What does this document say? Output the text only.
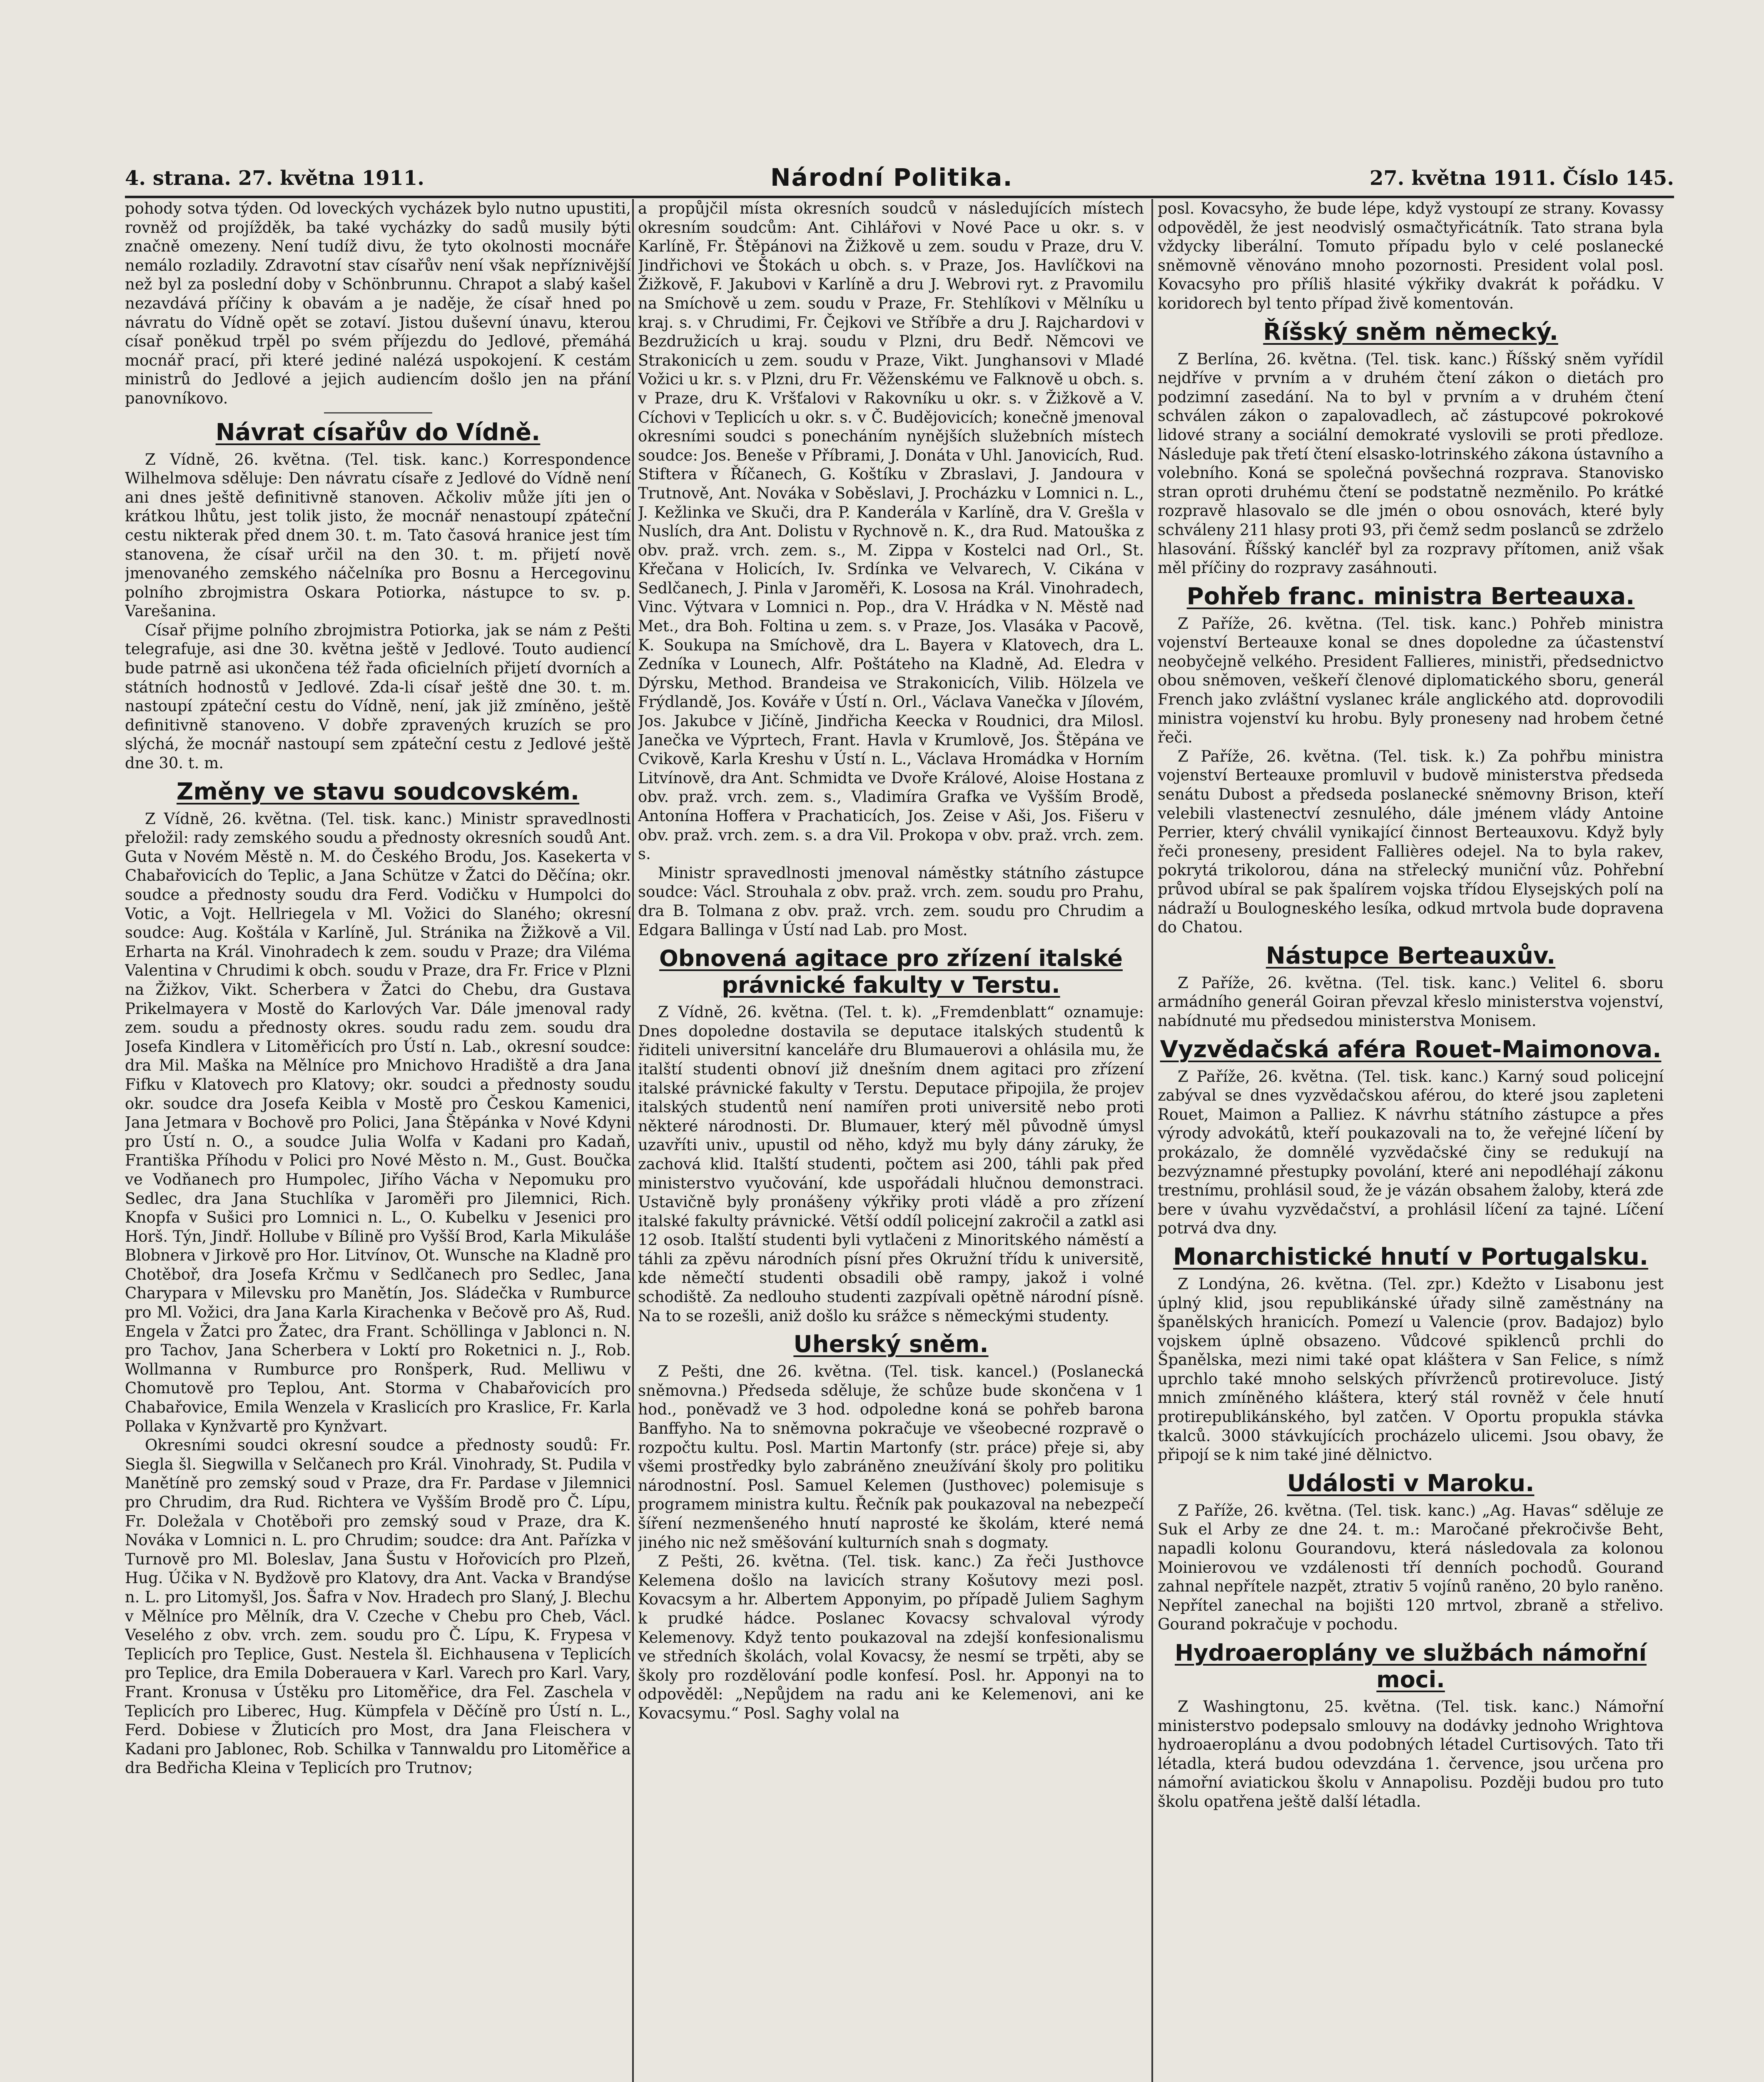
4. strana. 27. května 1911.	Národní Politika.	27. května 1911. Číslo 145.

pohody sotva týden. Od loveckých vycházek bylo nutno upustiti, rovněž od projížděk, ba také vycházky do sadů musily býti značně omezeny. Není tudíž divu, že tyto okolnosti mocnáře nemálo rozladily. Zdravotní stav císařův není však nepříznivější než byl za poslední doby v Schönbrunnu. Chrapot a slabý kašel nezavdává příčiny k obavám a je naděje, že císař hned po návratu do Vídně opět se zotaví. Jistou duševní únavu, kterou císař poněkud trpěl po svém příjezdu do Jedlové, přemáhá mocnář prací, při které jediné nalézá uspokojení. K cestám ministrů do Jedlové a jejich audiencím došlo jen na přání panovníkovo.

Návrat císařův do Vídně.

Z Vídně, 26. května. (Tel. tisk. kanc.) Korrespondence Wilhelmova sděluje: Den návratu císaře z Jedlové do Vídně není ani dnes ještě definitivně stanoven. Ačkoliv může jíti jen o krátkou lhůtu, jest tolik jisto, že mocnář nenastoupí zpáteční cestu nikterak před dnem 30. t. m. Tato časová hranice jest tím stanovena, že císař určil na den 30. t. m. přijetí nově jmenovaného zemského náčelníka pro Bosnu a Hercegovinu polního zbrojmistra Oskara Potiorka, nástupce to sv. p. Varešanina.

Císař přijme polního zbrojmistra Potiorka, jak se nám z Pešti telegrafuje, asi dne 30. května ještě v Jedlové. Touto audiencí bude patrně asi ukončena též řada oficielních přijetí dvorních a státních hodnostů v Jedlové. Zda-li císař ještě dne 30. t. m. nastoupí zpáteční cestu do Vídně, není, jak již zmíněno, ještě definitivně stanoveno. V dobře zpravených kruzích se pro slýchá, že mocnář nastoupí sem zpáteční cestu z Jedlové ještě dne 30. t. m.

Změny ve stavu soudcovském.

Z Vídně, 26. května. (Tel. tisk. kanc.) Ministr spravedlnosti přeložil: rady zemského soudu a přednosty okresních soudů Ant. Guta v Novém Městě n. M. do Českého Brodu, Jos. Kasekerta v Chabařovicích do Teplic, a Jana Schütze v Žatci do Děčína; okr. soudce a přednosty soudu dra Ferd. Vodičku v Humpolci do Votic, a Vojt. Hellriegela v Ml. Vožici do Slaného; okresní soudce: Aug. Koštála v Karlíně, Jul. Stránika na Žižkově a Vil. Erharta na Král. Vinohradech k zem. soudu v Praze; dra Viléma Valentina v Chrudimi k obch. soudu v Praze, dra Fr. Frice v Plzni na Žižkov, Vikt. Scherbera v Žatci do Chebu, dra Gustava Prikelmayera v Mostě do Karlových Var. Dále jmenoval rady zem. soudu a přednosty okres. soudu radu zem. soudu dra Josefa Kindlera v Litoměřicích pro Ústí n. Lab., okresní soudce: dra Mil. Maška na Mělníce pro Mnichovo Hradiště a dra Jana Fifku v Klatovech pro Klatovy; okr. soudci a přednosty soudu okr. soudce dra Josefa Keibla v Mostě pro Českou Kamenici, Jana Jetmara v Bochově pro Polici, Jana Štěpánka v Nové Kdyni pro Ústí n. O., a soudce Julia Wolfa v Kadani pro Kadaň, Františka Příhodu v Polici pro Nové Město n. M., Gust. Boučka ve Vodňanech pro Humpolec, Jiřího Vácha v Nepomuku pro Sedlec, dra Jana Stuchlíka v Jaroměři pro Jilemnici, Rich. Knopfa v Sušici pro Lomnici n. L., O. Kubelku v Jesenici pro Horš. Týn, Jindř. Hollube v Bílině pro Vyšší Brod, Karla Mikuláše Blobnera v Jirkově pro Hor. Litvínov, Ot. Wunsche na Kladně pro Chotěboř, dra Josefa Krčmu v Sedlčanech pro Sedlec, Jana Charypara v Milevsku pro Manětín, Jos. Sládečka v Rumburce pro Ml. Vožici, dra Jana Karla Kirachenka v Bečově pro Aš, Rud. Engela v Žatci pro Žatec, dra Frant. Schöllinga v Jablonci n. N. pro Tachov, Jana Scherbera v Loktí pro Roketnici n. J., Rob. Wollmanna v Rumburce pro Ronšperk, Rud. Melliwu v Chomutově pro Teplou, Ant. Storma v Chabařovicích pro Chabařovice, Emila Wenzela v Kraslicích pro Kraslice, Fr. Karla Pollaka v Kynžvartě pro Kynžvart.

Okresními soudci okresní soudce a přednosty soudů: Fr. Siegla šl. Siegwilla v Selčanech pro Král. Vinohrady, St. Pudila v Manětíně pro zemský soud v Praze, dra Fr. Pardase v Jilemnici pro Chrudim, dra Rud. Richtera ve Vyšším Brodě pro Č. Lípu, Fr. Doležala v Chotěboři pro zemský soud v Praze, dra K. Nováka v Lomnici n. L. pro Chrudim; soudce: dra Ant. Pařízka v Turnově pro Ml. Boleslav, Jana Šustu v Hořovicích pro Plzeň, Hug. Účika v N. Bydžově pro Klatovy, dra Ant. Vacka v Brandýse n. L. pro Litomyšl, Jos. Šafra v Nov. Hradech pro Slaný, J. Blechu v Mělníce pro Mělník, dra V. Czeche v Chebu pro Cheb, Václ. Veselého z obv. vrch. zem. soudu pro Č. Lípu, K. Frypesa v Teplicích pro Teplice, Gust. Nestela šl. Eichhausena v Teplicích pro Teplice, dra Emila Doberauera v Karl. Varech pro Karl. Vary, Frant. Kronusa v Ústěku pro Litoměřice, dra Fel. Zaschela v Teplicích pro Liberec, Hug. Kümpfela v Děčíně pro Ústí n. L., Ferd. Dobiese v Žluticích pro Most, dra Jana Fleischera v Kadani pro Jablonec, Rob. Schilka v Tannwaldu pro Litoměřice a dra Bedřicha Kleina v Teplicích pro Trutnov;

a propůjčil místa okresních soudců v následujících místech okresním soudcům: Ant. Cihlářovi v Nové Pace u okr. s. v Karlíně, Fr. Štěpánovi na Žižkově u zem. soudu v Praze, dru V. Jindřichovi ve Štokách u obch. s. v Praze, Jos. Havlíčkovi na Žižkově, F. Jakubovi v Karlíně a dru J. Webrovi ryt. z Pravomilu na Smíchově u zem. soudu v Praze, Fr. Stehlíkovi v Mělníku u kraj. s. v Chrudimi, Fr. Čejkovi ve Stříbře a dru J. Rajchardovi v Bezdružicích u kraj. soudu v Plzni, dru Bedř. Němcovi ve Strakonicích u zem. soudu v Praze, Vikt. Junghansovi v Mladé Vožici u kr. s. v Plzni, dru Fr. Věženskému ve Falknově u obch. s. v Praze, dru K. Vršťalovi v Rakovníku u okr. s. v Žižkově a V. Cíchovi v Teplicích u okr. s. v Č. Budějovicích; konečně jmenoval okresními soudci s ponecháním nynějších služebních místech soudce: Jos. Beneše v Příbrami, J. Donáta v Uhl. Janovicích, Rud. Stiftera v Říčanech, G. Koštíku v Zbraslavi, J. Jandoura v Trutnově, Ant. Nováka v Soběslavi, J. Procházku v Lomnici n. L., J. Kežlinka ve Skuči, dra P. Kanderála v Karlíně, dra V. Grešla v Nuslích, dra Ant. Dolistu v Rychnově n. K., dra Rud. Matouška z obv. praž. vrch. zem. s., M. Zippa v Kostelci nad Orl., St. Křečana v Holicích, Iv. Srdínka ve Velvarech, V. Cikána v Sedlčanech, J. Pinla v Jaroměři, K. Lososa na Král. Vinohradech, Vinc. Výtvara v Lomnici n. Pop., dra V. Hrádka v N. Městě nad Met., dra Boh. Foltina u zem. s. v Praze, Jos. Vlasáka v Pacově, K. Soukupa na Smíchově, dra L. Bayera v Klatovech, dra L. Zedníka v Lounech, Alfr. Poštáteho na Kladně, Ad. Eledra v Dýrsku, Method. Brandeisa ve Strakonicích, Vilib. Hölzela ve Frýdlandě, Jos. Kováře v Ústí n. Orl., Václava Vanečka v Jílovém, Jos. Jakubce v Jičíně, Jindřicha Keecka v Roudnici, dra Milosl. Janečka ve Výprtech, Frant. Havla v Krumlově, Jos. Štěpána ve Cvikově, Karla Kreshu v Ústí n. L., Václava Hromádka v Horním Litvínově, dra Ant. Schmidta ve Dvoře Králové, Aloise Hostana z obv. praž. vrch. zem. s., Vladimíra Grafka ve Vyšším Brodě, Antonína Hoffera v Prachaticích, Jos. Zeise v Aši, Jos. Fišeru v obv. praž. vrch. zem. s. a dra Vil. Prokopa v obv. praž. vrch. zem. s.

Ministr spravedlnosti jmenoval náměstky státního zástupce soudce: Václ. Strouhala z obv. praž. vrch. zem. soudu pro Prahu, dra B. Tolmana z obv. praž. vrch. zem. soudu pro Chrudim a Edgara Ballinga v Ústí nad Lab. pro Most.

Obnovená agitace pro zřízení italské právnické fakulty v Terstu.

Z Vídně, 26. května. (Tel. t. k). „Fremdenblatt“ oznamuje: Dnes dopoledne dostavila se deputace italských studentů k řiditeli universitní kanceláře dru Blumauerovi a ohlásila mu, že italští studenti obnoví již dnešním dnem agitaci pro zřízení italské právnické fakulty v Terstu. Deputace připojila, že projev italských studentů není namířen proti universitě nebo proti některé národnosti. Dr. Blumauer, který měl původně úmysl uzavříti univ., upustil od něho, když mu byly dány záruky, že zachová klid. Italští studenti, počtem asi 200, táhli pak před ministerstvo vyučování, kde uspořádali hlučnou demonstraci. Ustavičně byly pronášeny výkřiky proti vládě a pro zřízení italské fakulty právnické. Větší oddíl policejní zakročil a zatkl asi 12 osob. Italští studenti byli vytlačeni z Minoritského náměstí a táhli za zpěvu národních písní přes Okružní třídu k universitě, kde němečtí studenti obsadili obě rampy, jakož i volné schodiště. Za nedlouho studenti zazpívali opětně národní písně. Na to se rozešli, aniž došlo ku srážce s německými studenty.

Uherský sněm.

Z Pešti, dne 26. května. (Tel. tisk. kancel.) (Poslanecká sněmovna.) Předseda sděluje, že schůze bude skončena v 1 hod., poněvadž ve 3 hod. odpoledne koná se pohřeb barona Banffyho. Na to sněmovna pokračuje ve všeobecné rozpravě o rozpočtu kultu. Posl. Martin Martonfy (str. práce) přeje si, aby všemi prostředky bylo zabráněno zneužívání školy pro politiku národnostní. Posl. Samuel Kelemen (Justhovec) polemisuje s programem ministra kultu. Řečník pak poukazoval na nebezpečí šíření nezmenšeného hnutí naprosté ke školám, které nemá jiného nic než směšování kulturních snah s dogmaty.

Z Pešti, 26. května. (Tel. tisk. kanc.) Za řeči Justhovce Kelemena došlo na lavicích strany Košutovy mezi posl. Kovacsym a hr. Albertem Apponyim, po případě Juliem Saghym k prudké hádce. Poslanec Kovacsy schvaloval výrody Kelemenovy. Když tento poukazoval na zdejší konfesionalismu ve středních školách, volal Kovacsy, že nesmí se trpěti, aby se školy pro rozdělování podle konfesí. Posl. hr. Apponyi na to odpověděl: „Nepůjdem na radu ani ke Kelemenovi, ani ke Kovacsymu.“ Posl. Saghy volal na

posl. Kovacsyho, že bude lépe, když vystoupí ze strany. Kovassy odpověděl, že jest neodvislý osmačtyřicátník. Tato strana byla vždycky liberální. Tomuto případu bylo v celé poslanecké sněmovně věnováno mnoho pozornosti. President volal posl. Kovacsyho pro příliš hlasité výkřiky dvakrát k pořádku. V koridorech byl tento případ živě komentován.

Říšský sněm německý.

Z Berlína, 26. května. (Tel. tisk. kanc.) Říšský sněm vyřídil nejdříve v prvním a v druhém čtení zákon o dietách pro podzimní zasedání. Na to byl v prvním a v druhém čtení schválen zákon o zapalovadlech, ač zástupcové pokrokové lidové strany a sociální demokraté vyslovili se proti předloze. Následuje pak třetí čtení elsasko-lotrinského zákona ústavního a volebního. Koná se společná povšechná rozprava. Stanovisko stran oproti druhému čtení se podstatně nezměnilo. Po krátké rozpravě hlasovalo se dle jmén o obou osnovách, které byly schváleny 211 hlasy proti 93, při čemž sedm poslanců se zdrželo hlasování. Říšský kancléř byl za rozpravy přítomen, aniž však měl příčiny do rozpravy zasáhnouti.

Pohřeb franc. ministra Berteauxa.

Z Paříže, 26. května. (Tel. tisk. kanc.) Pohřeb ministra vojenství Berteauxe konal se dnes dopoledne za účastenství neobyčejně velkého. President Fallieres, ministři, předsednictvo obou sněmoven, veškeří členové diplomatického sboru, generál French jako zvláštní vyslanec krále anglického atd. doprovodili ministra vojenství ku hrobu. Byly proneseny nad hrobem četné řeči.

Z Paříže, 26. května. (Tel. tisk. k.) Za pohřbu ministra vojenství Berteauxe promluvil v budově ministerstva předseda senátu Dubost a předseda poslanecké sněmovny Brison, kteří velebili vlastenectví zesnulého, dále jménem vlády Antoine Perrier, který chválil vynikající činnost Berteauxovu. Když byly řeči proneseny, president Fallières odejel. Na to byla rakev, pokrytá trikolorou, dána na střelecký muniční vůz. Pohřební průvod ubíral se pak špalírem vojska třídou Elysejských polí na nádraží u Boulogneského lesíka, odkud mrtvola bude dopravena do Chatou.

Nástupce Berteauxův.

Z Paříže, 26. května. (Tel. tisk. kanc.) Velitel 6. sboru armádního generál Goiran převzal křeslo ministerstva vojenství, nabídnuté mu předsedou ministerstva Monisem.

Vyzvědačská aféra Rouet-Maimonova.

Z Paříže, 26. května. (Tel. tisk. kanc.) Karný soud policejní zabýval se dnes vyzvědačskou aférou, do které jsou zapleteni Rouet, Maimon a Palliez. K návrhu státního zástupce a přes výrody advokátů, kteří poukazovali na to, že veřejné líčení by prokázalo, že domnělé vyzvědačské činy se redukují na bezvýznamné přestupky povolání, které ani nepodléhají zákonu trestnímu, prohlásil soud, že je vázán obsahem žaloby, která zde bere v úvahu vyzvědačství, a prohlásil líčení za tajné. Líčení potrvá dva dny.

Monarchistické hnutí v Portugalsku.

Z Londýna, 26. května. (Tel. zpr.) Kdežto v Lisabonu jest úplný klid, jsou republikánské úřady silně zaměstnány na španělských hranicích. Pomezí u Valencie (prov. Badajoz) bylo vojskem úplně obsazeno. Vůdcové spiklenců prchli do Španělska, mezi nimi také opat kláštera v San Felice, s nímž uprchlo také mnoho selských přívrženců protirevoluce. Jistý mnich zmíněného kláštera, který stál rovněž v čele hnutí protirepublikánského, byl zatčen. V Oportu propukla stávka tkalců. 3000 stávkujících procházelo ulicemi. Jsou obavy, že připojí se k nim také jiné dělnictvo.

Události v Maroku.

Z Paříže, 26. května. (Tel. tisk. kanc.) „Ag. Havas“ sděluje ze Suk el Arby ze dne 24. t. m.: Maročané překročivše Beht, napadli kolonu Gourandovu, která následovala za kolonou Moinierovou ve vzdálenosti tří denních pochodů. Gourand zahnal nepřítele nazpět, ztrativ 5 vojínů raněno, 20 bylo raněno. Nepřítel zanechal na bojišti 120 mrtvol, zbraně a střelivo. Gourand pokračuje v pochodu.

Hydroaeroplány ve službách námořní moci.

Z Washingtonu, 25. května. (Tel. tisk. kanc.) Námořní ministerstvo podepsalo smlouvy na dodávky jednoho Wrightova hydroaeroplánu a dvou podobných létadel Curtisových. Tato tři létadla, která budou odevzdána 1. července, jsou určena pro námořní aviatickou školu v Annapolisu. Později budou pro tuto školu opatřena ještě další létadla.
